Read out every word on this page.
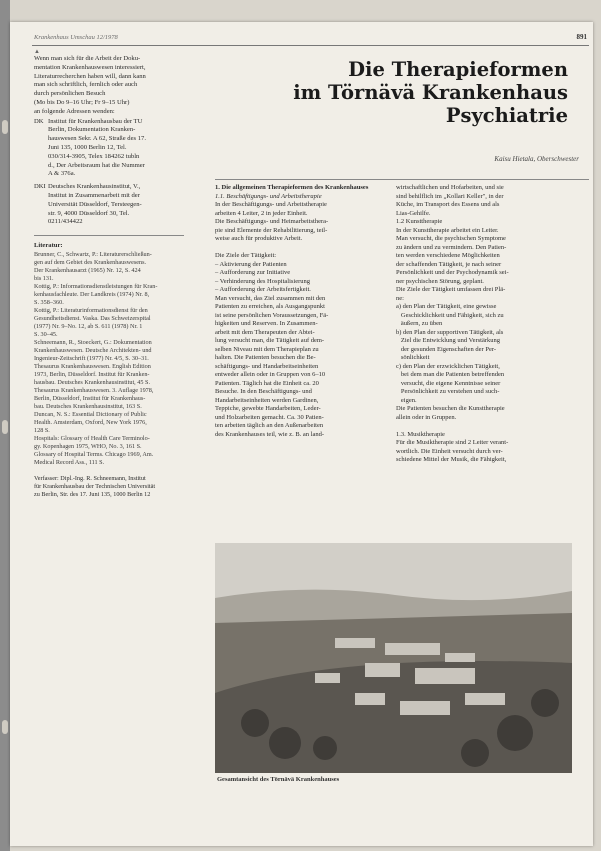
Krankenhaus Umschau 12/1978	891
▲

Wenn man sich für die Arbeit der Doku-

mentation Krankenhauswesen interessiert,

Literaturrecherchen haben will, dann kann

man sich schriftlich, fernlich oder auch

durch persönlichen Besuch

(Mo bis Do 9–16 Uhr; Fr 9–15 Uhr)

an folgende Adressen wenden:

DK Institut für Krankenhausbau der TU

Berlin, Dokumentation Kranken-

hauswesen Sekr. A 62, Straße des 17.

Juni 135, 1000 Berlin 12, Tel.

030/314-3905, Telex 184262 tubln

d., Der Arbeitsraum hat die Nummer

A & 376a.

DKI Deutsches Krankenhausinstitut, V.,

Institut in Zusammenarbeit mit der

Universität Düsseldorf, Tersteegen-

str. 9, 4000 Düsseldorf 30, Tel.

0211/434422

Literatur:

Brunner, C., Schwartz, P.: Literaturerschließun-
gen auf dem Gebiet des Krankenhauswesens.
Der Krankenhausarzt (1965) Nr. 12, S. 424
bis 131.

Kottig, P.: Informationsdienstleistungen für Kran-
kenhausfachleute. Der Landkreis (1974) Nr. 8,
S. 358–360.

Kottig, P.: Literaturinformationsdienst für den
Gesundheitsdienst. Vaska. Das Schweizerspital
(1977) Nr. 9–No. 12, ab S. 611 (1978) Nr. 1
S. 30–45.

Schneemann, R., Stoeckert, G.: Dokumentation
Krankenhauswesen. Deutsche Architekten- und
Ingenieur-Zeitschrift (1977) Nr. 4/5, S. 30–31.

Thesaurus Krankenhauswesen. English Edition
1973, Berlin, Düsseldorf. Institut für Kranken-
hausbau. Deutsches Krankenhausinstitut, 45 S.

Thesaurus Krankenhauswesen. 3. Auflage 1978,
Berlin, Düsseldorf, Institut für Krankenhaus-
bau. Deutsches Krankenhausinstitut, 163 S.

Duncan, N. S.: Essential Dictionary of Public
Health. Amsterdam, Oxford, New York 1976,
128 S.

Hospitals: Glossary of Health Care Terminolo-
gy. Kopenhagen 1975, WHO, No. 3, 161 S.

Glossary of Hospital Terms. Chicago 1969, Am.
Medical Record Ass., 111 S.

Verfasser: Dipl.-Ing. R. Schneemann, Institut

für Krankenhausbau der Technischen Universität

zu Berlin, Str. des 17. Juni 135, 1000 Berlin 12

Die Therapieformen
im Törnävä Krankenhaus
Psychiatrie
Kaisu Hietala, Oberschwester

1. Die allgemeinen Therapieformen des Krankenhauses

1.1. Beschäftigungs- und Arbeitstherapie

In der Beschäftigungs- und Arbeitstherapie

arbeiten 4 Leiter, 2 in jeder Einheit.

Die Beschäftigungs- und Heimarbeitsthera-

pie sind Elemente der Rehabilitierung, teil-

weise auch für produktive Arbeit.

Die Ziele der Tätigkeit:

– Aktivierung der Patienten

– Aufforderung zur Initiative

– Verhinderung des Hospitalisierung

– Aufforderung der Arbeitsfertigkeit.

Man versucht, das Ziel zusammen mit den

Patienten zu erreichen, als Ausgangspunkt

ist seine persönlichen Voraussetzungen, Fä-

higkeiten und Reserven. In Zusammen-

arbeit mit dem Therapeuten der Abtei-

lung versucht man, die Tätigkeit auf dem-

selben Niveau mit dem Therapieplan zu

halten. Die Patienten besuchen die Be-

schäftigungs- und Handarbeitseinheiten

entweder allein oder in Gruppen von 6–10

Patienten. Täglich hat die Einheit ca. 20

Besuche. In den Beschäftigungs- und

Handarbeitseinheiten werden Gardinen,

Teppiche, gewebte Handarbeiten, Leder-

und Holzarbeiten gemacht. Ca. 30 Patien-

ten arbeiten täglich an den Außenarbeiten

des Krankenhauses teil, wie z. B. an land-

wirtschaftlichen und Hofarbeiten, und sie

sind behilflich im „Kollari Keller", in der

Küche, im Transport des Essens und als

Lias-Gehilfe.

1.2 Kunsttherapie

In der Kunsttherapie arbeitet ein Leiter.

Man versucht, die psychischen Symptome

zu ändern und zu vermindern. Den Patien-

ten werden verschiedene Möglichkeiten

der schaffenden Tätigkeit, je nach seiner

Persönlichkeit und der Psychodynamik sei-

ner psychischen Störung, geplant.

Die Ziele der Tätigkeit umfassen drei Plä-

ne:

a) den Plan der Tätigkeit, eine gewisse

Geschicklichkeit und Fähigkeit, sich zu

äußern, zu üben

b) den Plan der supportiven Tätigkeit, als

Ziel die Entwicklung und Verstärkung

der gesunden Eigenschaften der Per-

sönlichkeit

c) den Plan der erzwicklichen Tätigkeit,

bei dem man die Patienten betreffenden

versucht, die eigene Kenntnisse seiner

Persönlichkeit zu verstehen und such-

eigen.

Die Patienten besuchen die Kunsttherapie

allein oder in Gruppen.

1.3. Musiktherapie

Für die Musiktherapie sind 2 Leiter verant-

wortlich. Die Einheit versucht durch ver-

schiedene Mittel der Musik, die Fähigkeit,

Gesamtansicht des Törnävä Krankenhauses
